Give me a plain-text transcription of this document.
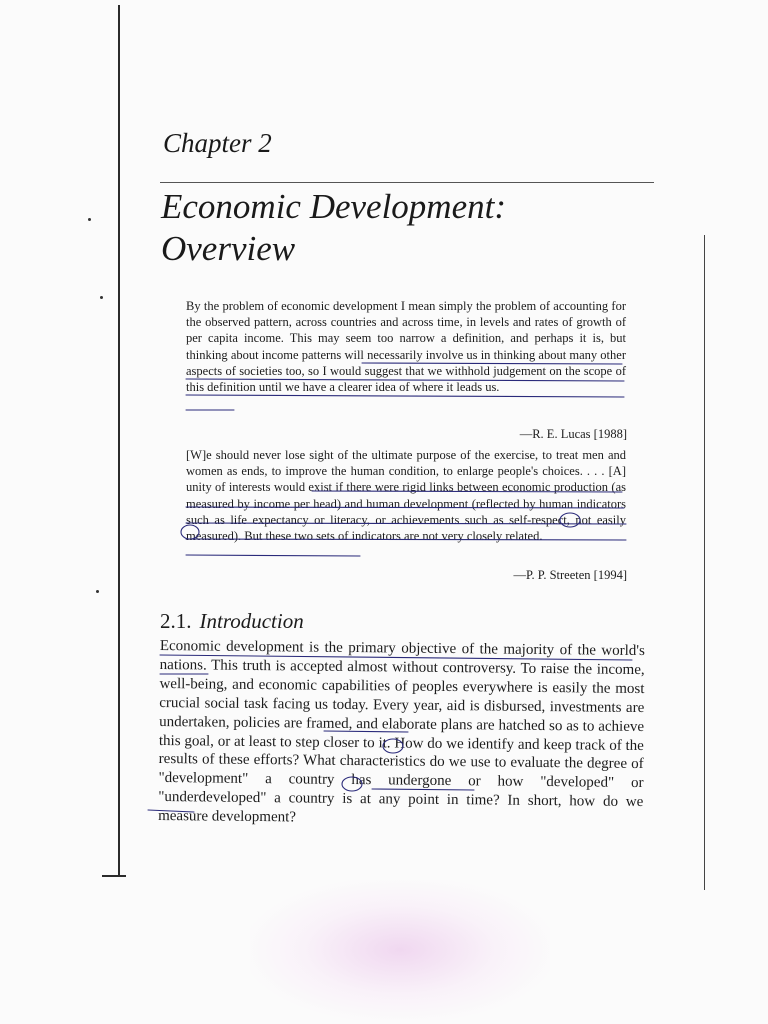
Chapter 2
Economic Development:
Overview
By the problem of economic development I mean simply the problem of accounting for the observed pattern, across countries and across time, in levels and rates of growth of per capita income. This may seem too narrow a definition, and perhaps it is, but thinking about income patterns will necessarily involve us in thinking about many other aspects of societies too, so I would suggest that we withhold judgement on the scope of this definition until we have a clearer idea of where it leads us.
—R. E. Lucas [1988]
[W]e should never lose sight of the ultimate purpose of the exercise, to treat men and women as ends, to improve the human condition, to enlarge people's choices. . . . [A] unity of interests would exist if there were rigid links between economic production (as measured by income per head) and human development (reflected by human indicators such as life expectancy or literacy, or achievements such as self-respect, not easily measured). But these two sets of indicators are not very closely related.
—P. P. Streeten [1994]
2.1. Introduction
Economic development is the primary objective of the majority of the world's nations. This truth is accepted almost without controversy. To raise the income, well-being, and economic capabilities of peoples everywhere is easily the most crucial social task facing us today. Every year, aid is disbursed, investments are undertaken, policies are framed, and elaborate plans are hatched so as to achieve this goal, or at least to step closer to it. How do we identify and keep track of the results of these efforts? What characteristics do we use to evaluate the degree of "development" a country has undergone or how "developed" or "underdeveloped" a country is at any point in time? In short, how do we measure development?
